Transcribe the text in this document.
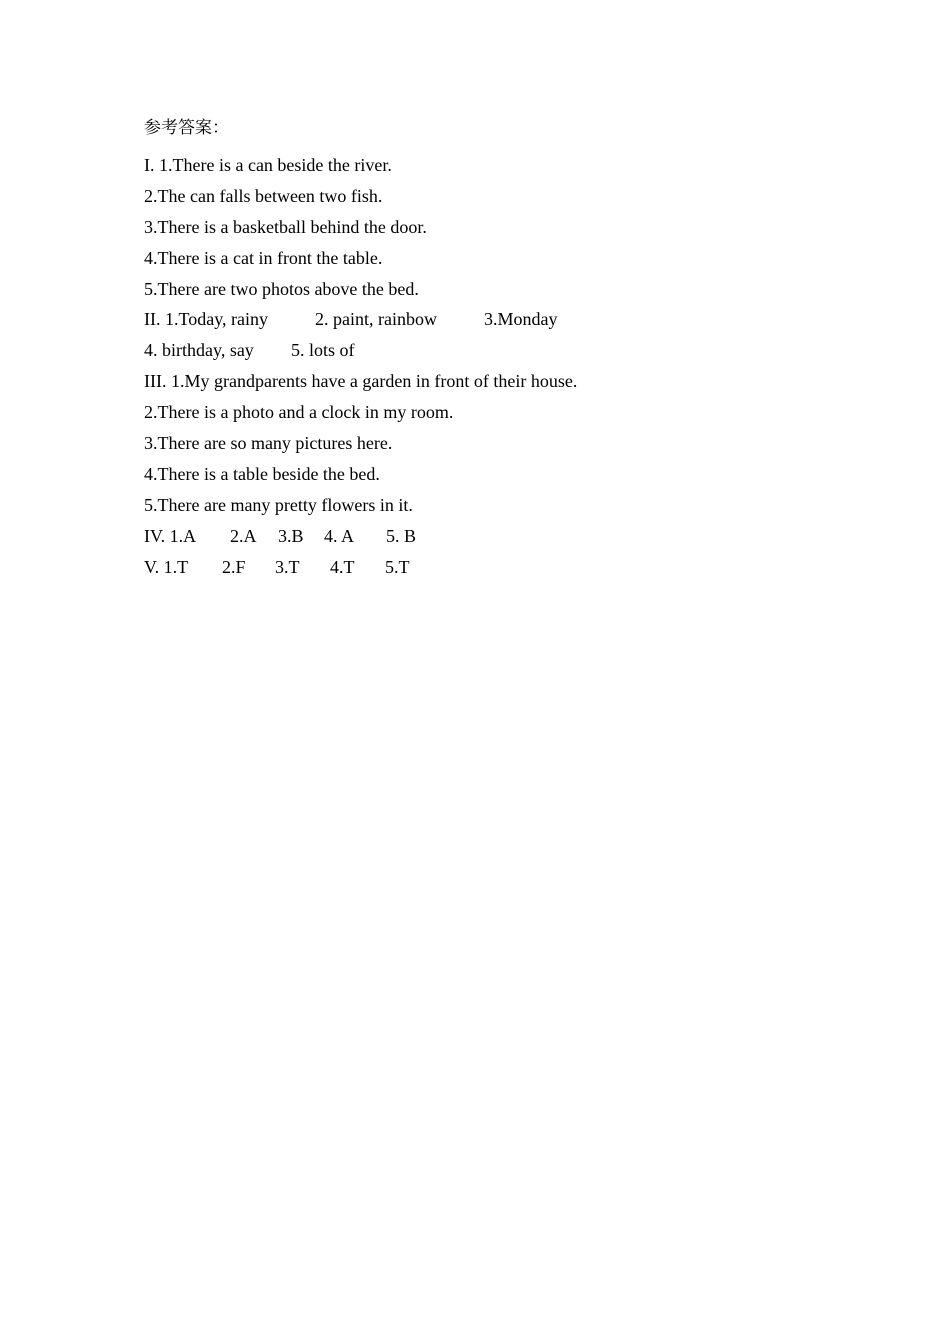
参考答案：
I. 1.There is a can beside the river.
2.The can falls between two fish.
3.There is a basketball behind the door.
4.There is a cat in front the table.
5.There are two photos above the bed.
II. 1.Today, rainy	2. paint, rainbow	3.Monday
4. birthday, say 5. lots of
III. 1.My grandparents have a garden in front of their house.
2.There is a photo and a clock in my room.
3.There are so many pictures here.
4.There is a table beside the bed.
5.There are many pretty flowers in it.
IV. 1.A 2.A 3.B 4. A 5. B
V. 1.T 2.F 3.T 4.T 5.T
